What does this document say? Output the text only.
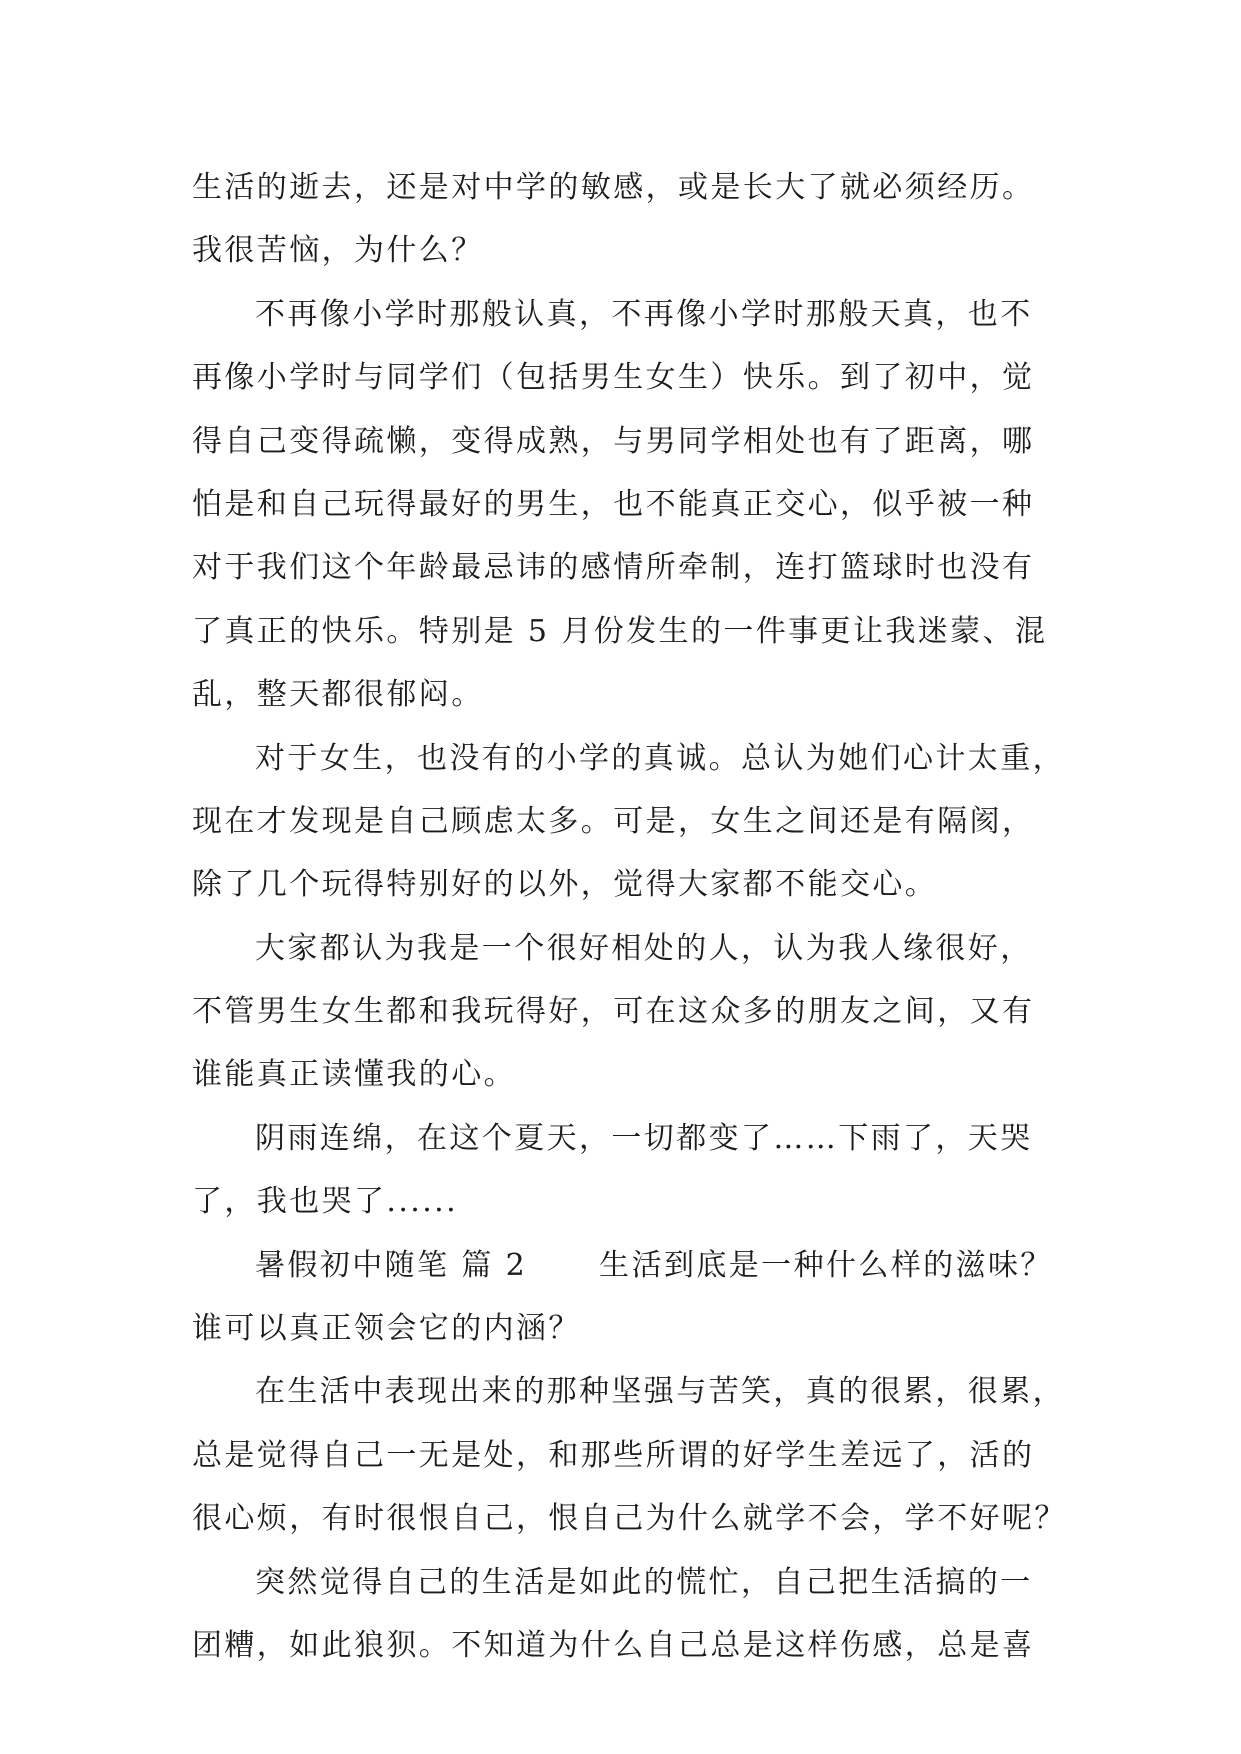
生活的逝去，还是对中学的敏感，或是长大了就必须经历。
我很苦恼，为什么？
不再像小学时那般认真，不再像小学时那般天真，也不
再像小学时与同学们（包括男生女生）快乐。到了初中，觉
得自己变得疏懒，变得成熟，与男同学相处也有了距离，哪
怕是和自己玩得最好的男生，也不能真正交心，似乎被一种
对于我们这个年龄最忌讳的感情所牵制，连打篮球时也没有
了真正的快乐。特别是 5 月份发生的一件事更让我迷蒙、混
乱，整天都很郁闷。
对于女生，也没有的小学的真诚。总认为她们心计太重，
现在才发现是自己顾虑太多。可是，女生之间还是有隔阂，
除了几个玩得特别好的以外，觉得大家都不能交心。
大家都认为我是一个很好相处的人，认为我人缘很好，
不管男生女生都和我玩得好，可在这众多的朋友之间，又有
谁能真正读懂我的心。
阴雨连绵，在这个夏天，一切都变了……下雨了，天哭
了，我也哭了......
暑假初中随笔 篇 2 生活到底是一种什么样的滋味？
谁可以真正领会它的内涵？
在生活中表现出来的那种坚强与苦笑，真的很累，很累，
总是觉得自己一无是处，和那些所谓的好学生差远了，活的
很心烦，有时很恨自己，恨自己为什么就学不会，学不好呢？
突然觉得自己的生活是如此的慌忙，自己把生活搞的一
团糟，如此狼狈。不知道为什么自己总是这样伤感，总是喜
